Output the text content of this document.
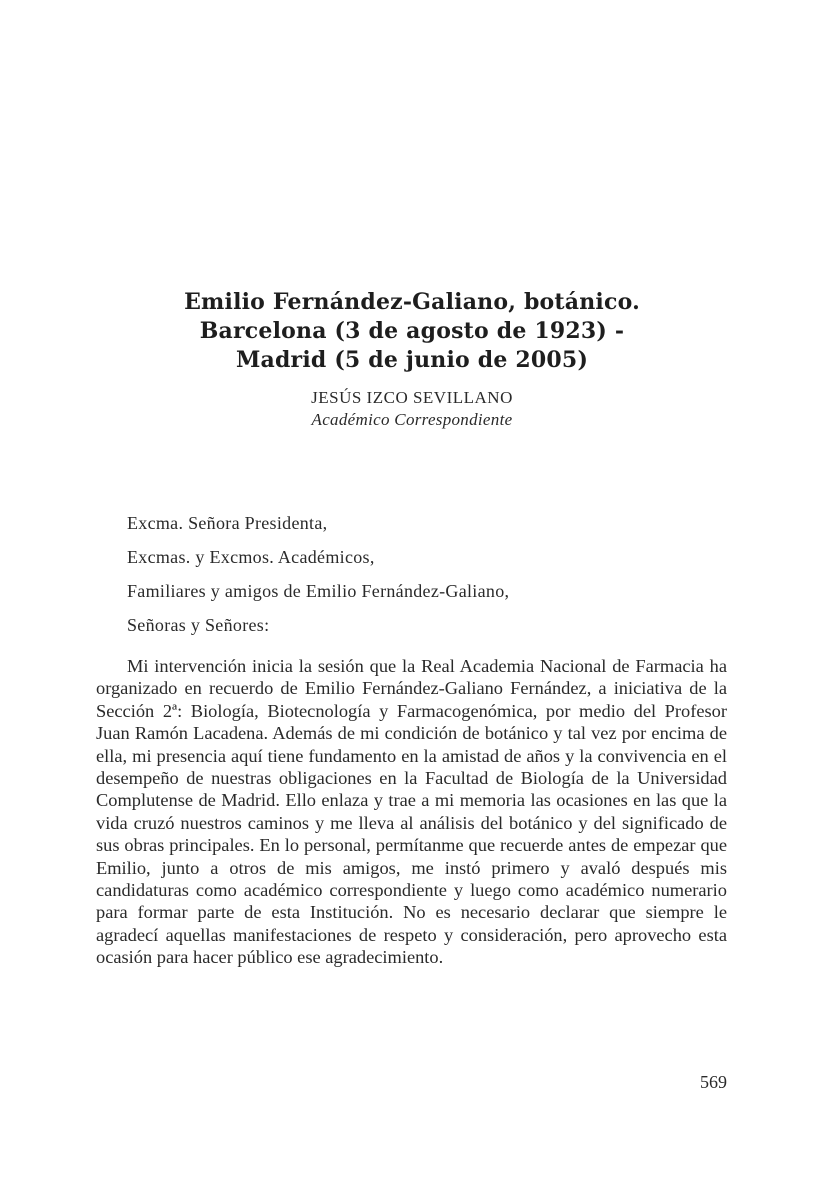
Emilio Fernández-Galiano, botánico.
Barcelona (3 de agosto de 1923) -
Madrid (5 de junio de 2005)
JESÚS IZCO SEVILLANO
Académico Correspondiente
Excma. Señora Presidenta,
Excmas. y Excmos. Académicos,
Familiares y amigos de Emilio Fernández-Galiano,
Señoras y Señores:

Mi intervención inicia la sesión que la Real Academia Nacional de Farmacia ha organizado en recuerdo de Emilio Fernández-Galiano Fernández, a iniciativa de la Sección 2ª: Biología, Biotecnología y Farmacogenómica, por medio del Profesor Juan Ramón Lacadena. Además de mi condición de botánico y tal vez por encima de ella, mi presencia aquí tiene fundamento en la amistad de años y la convivencia en el desempeño de nuestras obligaciones en la Facultad de Biología de la Universidad Complutense de Madrid. Ello enlaza y trae a mi memoria las ocasiones en las que la vida cruzó nuestros caminos y me lleva al análisis del botánico y del significado de sus obras principales. En lo personal, permítanme que recuerde antes de empezar que Emilio, junto a otros de mis amigos, me instó primero y avaló después mis candidaturas como académico correspondiente y luego como académico numerario para formar parte de esta Institución. No es necesario declarar que siempre le agradecí aquellas manifestaciones de respeto y consideración, pero aprovecho esta ocasión para hacer público ese agradecimiento.

569
